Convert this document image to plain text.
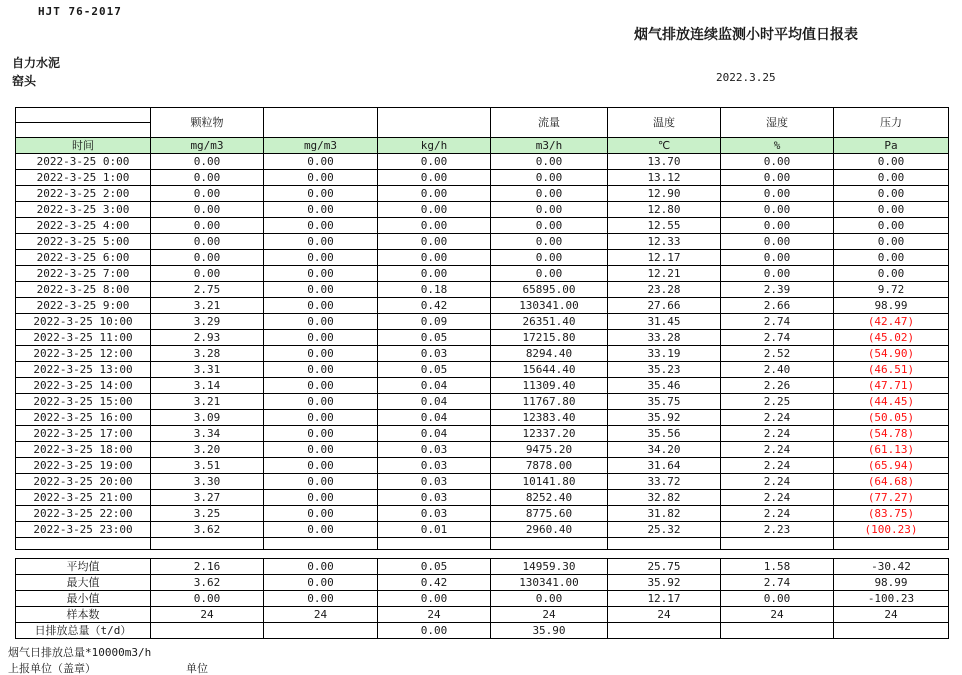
HJT 76-2017
烟气排放连续监测小时平均值日报表
自力水泥
窑头	2022.3.25
	颗粒物			流量	温度	湿度	压力

时间	mg/m3	mg/m3	kg/h	m3/h	℃	%	Pa
2022-3-25 0:00	0.00	0.00	0.00	0.00	13.70	0.00	0.00
2022-3-25 1:00	0.00	0.00	0.00	0.00	13.12	0.00	0.00
2022-3-25 2:00	0.00	0.00	0.00	0.00	12.90	0.00	0.00
2022-3-25 3:00	0.00	0.00	0.00	0.00	12.80	0.00	0.00
2022-3-25 4:00	0.00	0.00	0.00	0.00	12.55	0.00	0.00
2022-3-25 5:00	0.00	0.00	0.00	0.00	12.33	0.00	0.00
2022-3-25 6:00	0.00	0.00	0.00	0.00	12.17	0.00	0.00
2022-3-25 7:00	0.00	0.00	0.00	0.00	12.21	0.00	0.00
2022-3-25 8:00	2.75	0.00	0.18	65895.00	23.28	2.39	9.72
2022-3-25 9:00	3.21	0.00	0.42	130341.00	27.66	2.66	98.99
2022-3-25 10:00	3.29	0.00	0.09	26351.40	31.45	2.74	(42.47)
2022-3-25 11:00	2.93	0.00	0.05	17215.80	33.28	2.74	(45.02)
2022-3-25 12:00	3.28	0.00	0.03	8294.40	33.19	2.52	(54.90)
2022-3-25 13:00	3.31	0.00	0.05	15644.40	35.23	2.40	(46.51)
2022-3-25 14:00	3.14	0.00	0.04	11309.40	35.46	2.26	(47.71)
2022-3-25 15:00	3.21	0.00	0.04	11767.80	35.75	2.25	(44.45)
2022-3-25 16:00	3.09	0.00	0.04	12383.40	35.92	2.24	(50.05)
2022-3-25 17:00	3.34	0.00	0.04	12337.20	35.56	2.24	(54.78)
2022-3-25 18:00	3.20	0.00	0.03	9475.20	34.20	2.24	(61.13)
2022-3-25 19:00	3.51	0.00	0.03	7878.00	31.64	2.24	(65.94)
2022-3-25 20:00	3.30	0.00	0.03	10141.80	33.72	2.24	(64.68)
2022-3-25 21:00	3.27	0.00	0.03	8252.40	32.82	2.24	(77.27)
2022-3-25 22:00	3.25	0.00	0.03	8775.60	31.82	2.24	(83.75)
2022-3-25 23:00	3.62	0.00	0.01	2960.40	25.32	2.23	(100.23)

平均值	2.16	0.00	0.05	14959.30	25.75	1.58	-30.42
最大值	3.62	0.00	0.42	130341.00	35.92	2.74	98.99
最小值	0.00	0.00	0.00	0.00	12.17	0.00	-100.23
样本数	24	24	24	24	24	24	24
日排放总量（t/d）			0.00	35.90			
烟气日排放总量*10000m3/h
上报单位（盖章）	单位
